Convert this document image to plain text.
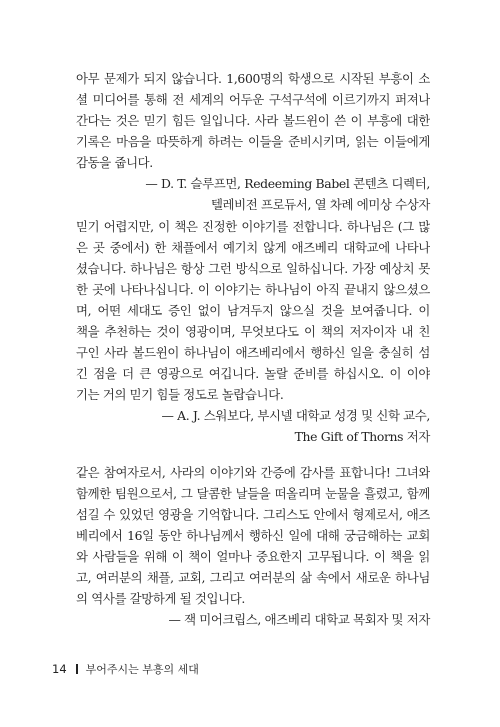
아무 문제가 되지 않습니다. 1,600명의 학생으로 시작된 부흥이 소
셜 미디어를 통해 전 세계의 어두운 구석구석에 이르기까지 퍼져나
간다는 것은 믿기 힘든 일입니다. 사라 볼드윈이 쓴 이 부흥에 대한
기록은 마음을 따뜻하게 하려는 이들을 준비시키며, 읽는 이들에게
감동을 줍니다.
— D. T. 슬루프먼, Redeeming Babel 콘텐츠 디렉터,
텔레비전 프로듀서, 열 차례 에미상 수상자
믿기 어렵지만, 이 책은 진정한 이야기를 전합니다. 하나님은 (그 많
은 곳 중에서) 한 채플에서 예기치 않게 애즈베리 대학교에 나타나
셨습니다. 하나님은 항상 그런 방식으로 일하십니다. 가장 예상치 못
한 곳에 나타나십니다. 이 이야기는 하나님이 아직 끝내지 않으셨으
며, 어떤 세대도 증인 없이 남겨두지 않으실 것을 보여줍니다. 이
책을 추천하는 것이 영광이며, 무엇보다도 이 책의 저자이자 내 친
구인 사라 볼드윈이 하나님이 애즈베리에서 행하신 일을 충실히 섬
긴 점을 더 큰 영광으로 여깁니다. 놀랄 준비를 하십시오. 이 이야
기는 거의 믿기 힘들 정도로 놀랍습니다.
— A. J. 스워보다, 부시넬 대학교 성경 및 신학 교수,
The Gift of Thorns 저자
같은 참여자로서, 사라의 이야기와 간증에 감사를 표합니다! 그녀와
함께한 팀원으로서, 그 달콤한 날들을 떠올리며 눈물을 흘렸고, 함께
섬길 수 있었던 영광을 기억합니다. 그리스도 안에서 형제로서, 애즈
베리에서 16일 동안 하나님께서 행하신 일에 대해 궁금해하는 교회
와 사람들을 위해 이 책이 얼마나 중요한지 고무됩니다. 이 책을 읽
고, 여러분의 채플, 교회, 그리고 여러분의 삶 속에서 새로운 하나님
의 역사를 갈망하게 될 것입니다.
— 잭 미어크립스, 애즈베리 대학교 목회자 및 저자
14 부어주시는 부흥의 세대
